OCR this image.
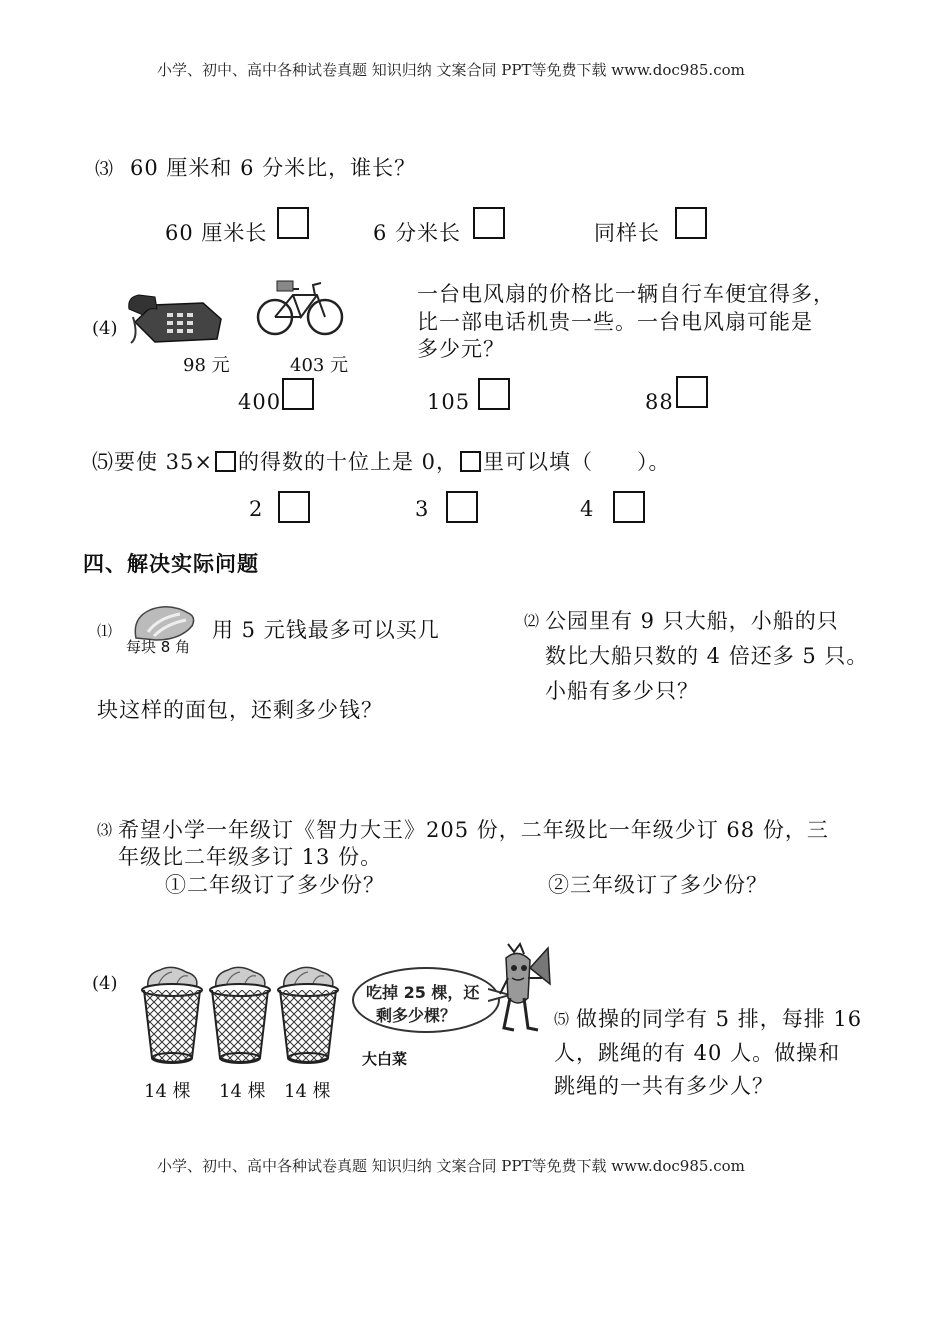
小学、初中、高中各种试卷真题 知识归纳 文案合同 PPT等免费下载 www.doc985.com
⑶ 60 厘米和 6 分米比，谁长？
60 厘米长	6 分米长	同样长
(4)
98 元	403 元
一台电风扇的价格比一辆自行车便宜得多，
比一部电话机贵一些。一台电风扇可能是
多少元？
400	105	88
⑸要使 35× 的得数的十位上是 0， 里可以填（　　）。
2	3	4
四、解决实际问题
⑴
每块 8 角
用 5 元钱最多可以买几
块这样的面包，还剩多少钱？
⑵ 公园里有 9 只大船，小船的只
数比大船只数的 4 倍还多 5 只。
小船有多少只？
⑶ 希望小学一年级订《智力大王》205 份，二年级比一年级少订 68 份，三
年级比二年级多订 13 份。
①二年级订了多少份？	②三年级订了多少份？
(4)
14 棵 14 棵 14 棵
吃掉 25 棵，还
剩多少棵？
大白菜
⑸ 做操的同学有 5 排，每排 16
人，跳绳的有 40 人。做操和
跳绳的一共有多少人？
小学、初中、高中各种试卷真题 知识归纳 文案合同 PPT等免费下载 www.doc985.com
